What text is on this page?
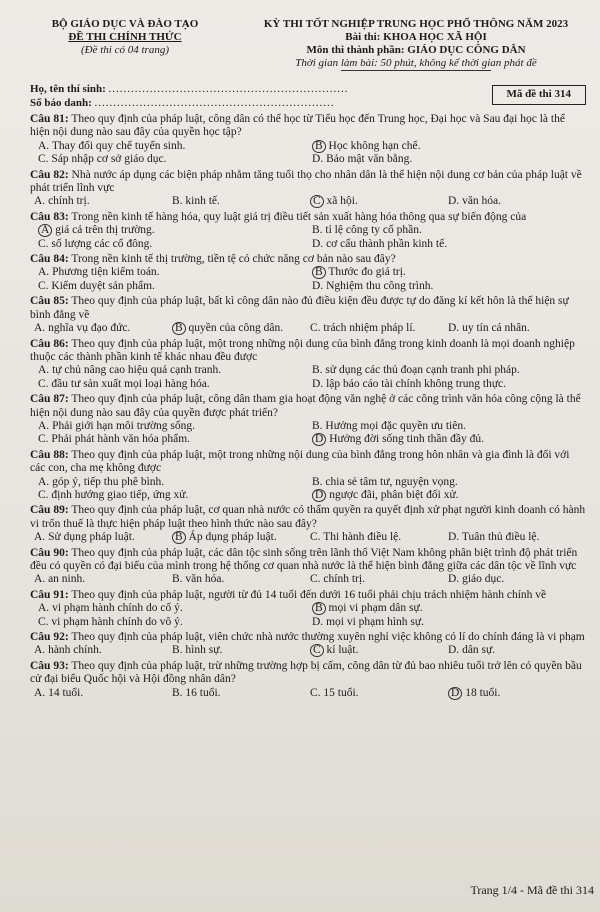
BỘ GIÁO DỤC VÀ ĐÀO TẠO
ĐỀ THI CHÍNH THỨC
(Đề thi có 04 trang)
KỲ THI TỐT NGHIỆP TRUNG HỌC PHỔ THÔNG NĂM 2023
Bài thi: KHOA HỌC XÃ HỘI
Môn thi thành phần: GIÁO DỤC CÔNG DÂN
Thời gian làm bài: 50 phút, không kể thời gian phát đề
Họ, tên thí sinh: ................................................................
Số báo danh: ................................................................
Mã đề thi 314
Câu 81: Theo quy định của pháp luật, công dân có thể học từ Tiểu học đến Trung học, Đại học và Sau đại học là thể hiện nội dung nào sau đây của quyền học tập?
A. Thay đổi quy chế tuyển sinh.	B Học không hạn chế.
C. Sáp nhập cơ sở giáo dục.	D. Bảo mật văn bằng.
Câu 82: Nhà nước áp dụng các biện pháp nhằm tăng tuổi thọ cho nhân dân là thể hiện nội dung cơ bản của pháp luật về phát triển lĩnh vực
A. chính trị.	B. kinh tế.	C xã hội.	D. văn hóa.
Câu 83: Trong nền kinh tế hàng hóa, quy luật giá trị điều tiết sản xuất hàng hóa thông qua sự biến động của
A giá cả trên thị trường.	B. tỉ lệ công ty cổ phần.
C. số lượng các cổ đông.	D. cơ cấu thành phần kinh tế.
Câu 84: Trong nền kinh tế thị trường, tiền tệ có chức năng cơ bản nào sau đây?
A. Phương tiện kiểm toán.	B Thước đo giá trị.
C. Kiểm duyệt sản phẩm.	D. Nghiệm thu công trình.
Câu 85: Theo quy định của pháp luật, bất kì công dân nào đủ điều kiện đều được tự do đăng kí kết hôn là thể hiện sự bình đẳng về
A. nghĩa vụ đạo đức.	B quyền của công dân.	C. trách nhiệm pháp lí.	D. uy tín cá nhân.
Câu 86: Theo quy định của pháp luật, một trong những nội dung của bình đẳng trong kinh doanh là mọi doanh nghiệp thuộc các thành phần kinh tế khác nhau đều được
A. tự chủ nâng cao hiệu quả cạnh tranh.	B. sử dụng các thủ đoạn cạnh tranh phi pháp.
C. đầu tư sản xuất mọi loại hàng hóa.	D. lập báo cáo tài chính không trung thực.
Câu 87: Theo quy định của pháp luật, công dân tham gia hoạt động văn nghệ ở các công trình văn hóa công cộng là thể hiện nội dung nào sau đây của quyền được phát triển?
A. Phải giới hạn môi trường sống.	B. Hưởng mọi đặc quyền ưu tiên.
C. Phải phát hành văn hóa phẩm.	D Hưởng đời sống tinh thần đầy đủ.
Câu 88: Theo quy định của pháp luật, một trong những nội dung của bình đẳng trong hôn nhân và gia đình là đối với các con, cha mẹ không được
A. góp ý, tiếp thu phê bình.	B. chia sẻ tâm tư, nguyện vọng.
C. định hướng giao tiếp, ứng xử.	D ngược đãi, phân biệt đối xử.
Câu 89: Theo quy định của pháp luật, cơ quan nhà nước có thẩm quyền ra quyết định xử phạt người kinh doanh có hành vi trốn thuế là thực hiện pháp luật theo hình thức nào sau đây?
A. Sử dụng pháp luật.	B Áp dụng pháp luật.	C. Thi hành điều lệ.	D. Tuân thủ điều lệ.
Câu 90: Theo quy định của pháp luật, các dân tộc sinh sống trên lãnh thổ Việt Nam không phân biệt trình độ phát triển đều có quyền có đại biểu của mình trong hệ thống cơ quan nhà nước là thể hiện bình đẳng giữa các dân tộc về lĩnh vực
A. an ninh.	B. văn hóa.	C. chính trị.	D. giáo dục.
Câu 91: Theo quy định của pháp luật, người từ đủ 14 tuổi đến dưới 16 tuổi phải chịu trách nhiệm hành chính về
A. vi phạm hành chính do cố ý.	B mọi vi phạm dân sự.
C. vi phạm hành chính do vô ý.	D. mọi vi phạm hình sự.
Câu 92: Theo quy định của pháp luật, viên chức nhà nước thường xuyên nghỉ việc không có lí do chính đáng là vi phạm
A. hành chính.	B. hình sự.	C kỉ luật.	D. dân sự.
Câu 93: Theo quy định của pháp luật, trừ những trường hợp bị cấm, công dân từ đủ bao nhiêu tuổi trở lên có quyền bầu cử đại biểu Quốc hội và Hội đồng nhân dân?
A. 14 tuổi.	B. 16 tuổi.	C. 15 tuổi.	D 18 tuổi.
Trang 1/4 - Mã đề thi 314
